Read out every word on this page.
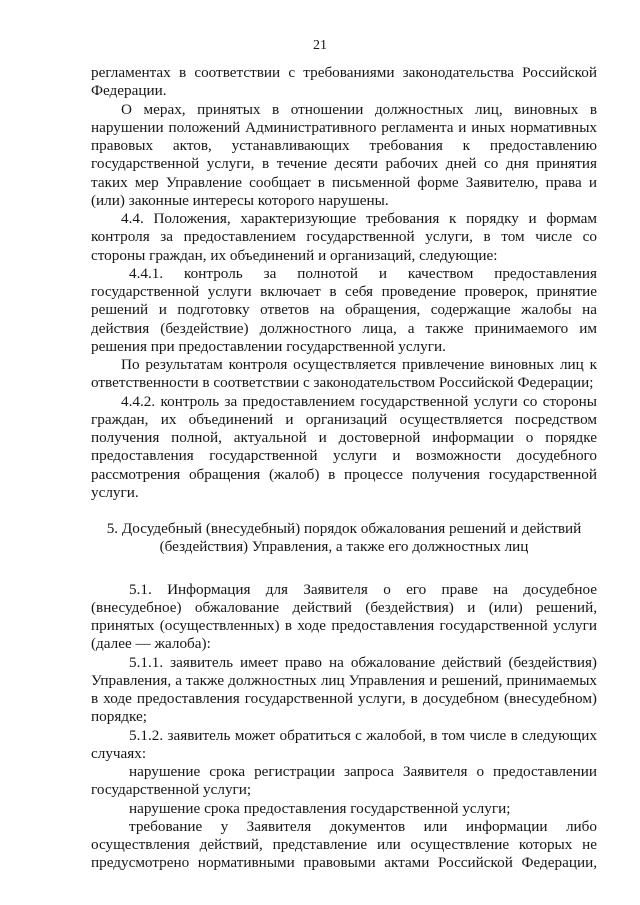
21
регламентах в соответствии с требованиями законодательства Российской
Федерации.
О мерах, принятых в отношении должностных лиц, виновных в
нарушении положений Административного регламента и иных нормативных
правовых актов, устанавливающих требования к предоставлению
государственной услуги, в течение десяти рабочих дней со дня принятия
таких мер Управление сообщает в письменной форме Заявителю, права и
(или) законные интересы которого нарушены.
4.4. Положения, характеризующие требования к порядку и формам
контроля за предоставлением государственной услуги, в том числе со
стороны граждан, их объединений и организаций, следующие:
4.4.1. контроль за полнотой и качеством предоставления
государственной услуги включает в себя проведение проверок, принятие
решений и подготовку ответов на обращения, содержащие жалобы на
действия (бездействие) должностного лица, а также принимаемого им
решения при предоставлении государственной услуги.
По результатам контроля осуществляется привлечение виновных лиц к
ответственности в соответствии с законодательством Российской Федерации;
4.4.2. контроль за предоставлением государственной услуги со стороны
граждан, их объединений и организаций осуществляется посредством
получения полной, актуальной и достоверной информации о порядке
предоставления государственной услуги и возможности досудебного
рассмотрения обращения (жалоб) в процессе получения государственной
услуги.
5. Досудебный (внесудебный) порядок обжалования решений и действий
(бездействия) Управления, а также его должностных лиц
5.1. Информация для Заявителя о его праве на досудебное
(внесудебное) обжалование действий (бездействия) и (или) решений,
принятых (осуществленных) в ходе предоставления государственной услуги
(далее — жалоба):
5.1.1. заявитель имеет право на обжалование действий (бездействия)
Управления, а также должностных лиц Управления и решений, принимаемых
в ходе предоставления государственной услуги, в досудебном (внесудебном)
порядке;
5.1.2. заявитель может обратиться с жалобой, в том числе в следующих
случаях:
нарушение срока регистрации запроса Заявителя о предоставлении
государственной услуги;
нарушение срока предоставления государственной услуги;
требование у Заявителя документов или информации либо
осуществления действий, представление или осуществление которых не
предусмотрено нормативными правовыми актами Российской Федерации,
